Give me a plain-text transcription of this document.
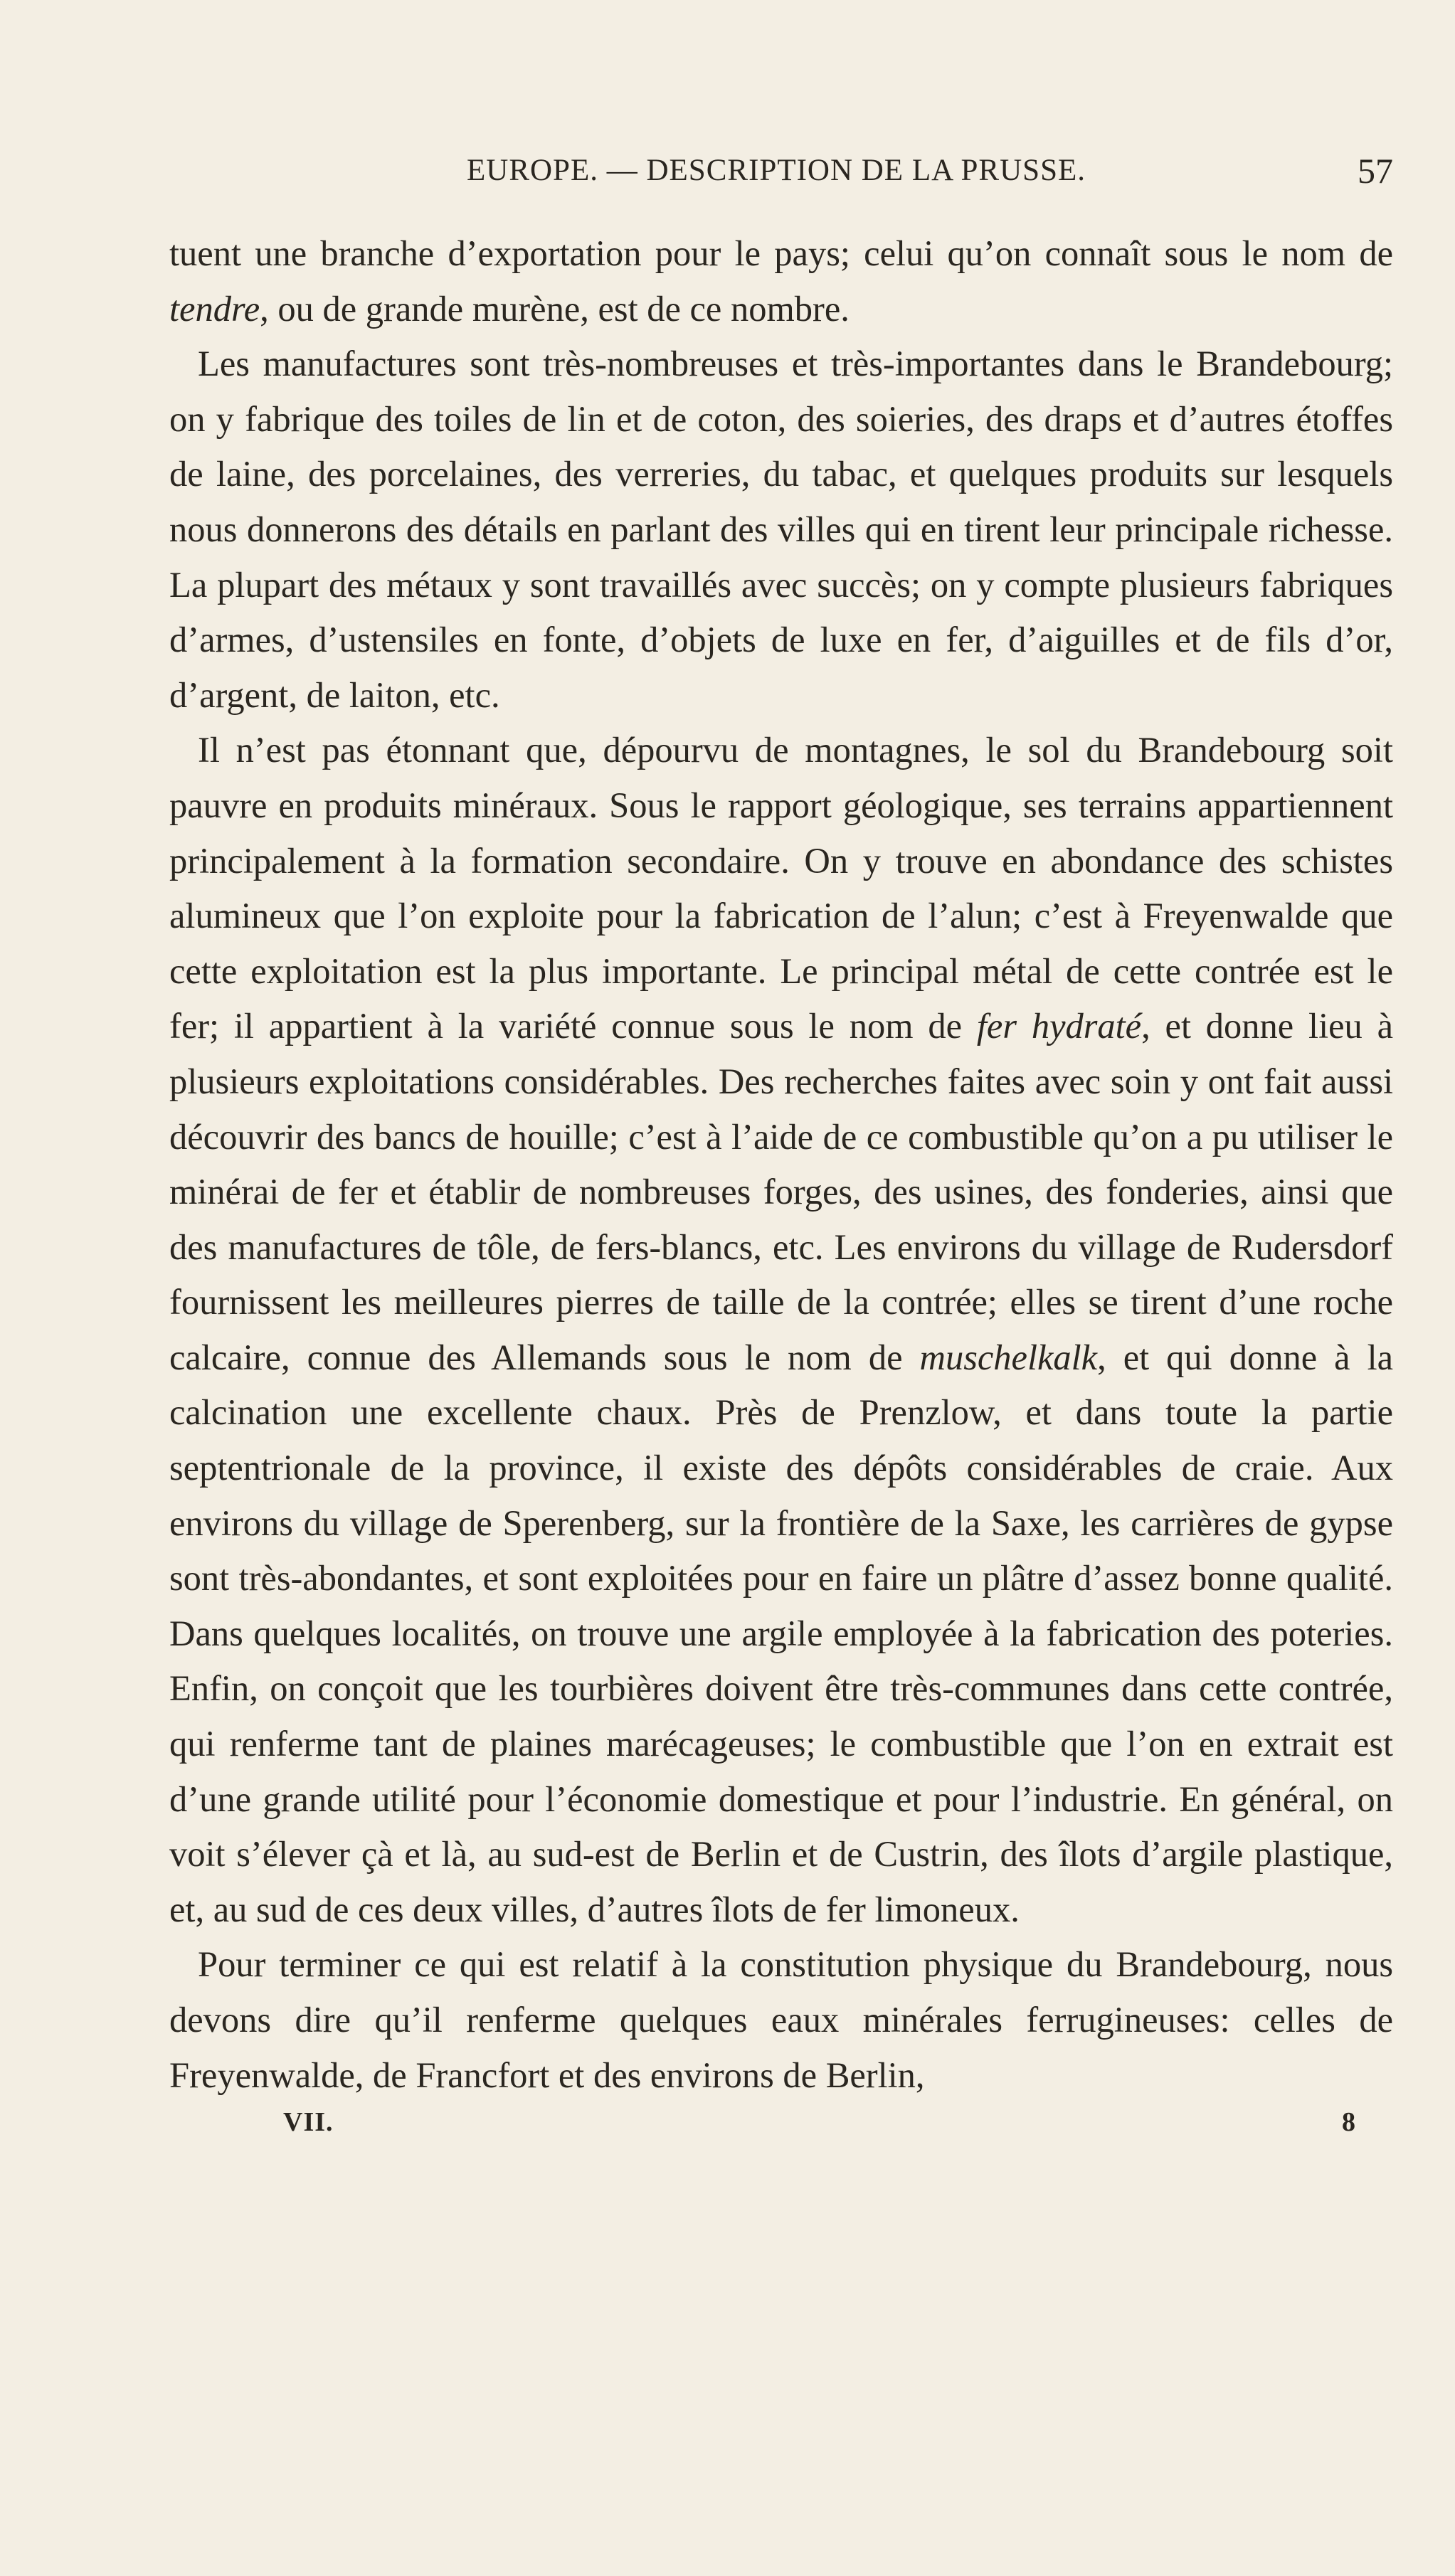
EUROPE. — DESCRIPTION DE LA PRUSSE.	57

tuent une branche d’exportation pour le pays; celui qu’on connaît sous le nom de tendre, ou de grande murène, est de ce nombre.

Les manufactures sont très-nombreuses et très-importantes dans le Brandebourg; on y fabrique des toiles de lin et de coton, des soieries, des draps et d’autres étoffes de laine, des porcelaines, des verreries, du tabac, et quelques produits sur lesquels nous donnerons des détails en parlant des villes qui en tirent leur principale richesse. La plupart des métaux y sont travaillés avec succès; on y compte plusieurs fabriques d’armes, d’ustensiles en fonte, d’objets de luxe en fer, d’aiguilles et de fils d’or, d’argent, de laiton, etc.

Il n’est pas étonnant que, dépourvu de montagnes, le sol du Brandebourg soit pauvre en produits minéraux. Sous le rapport géologique, ses terrains appartiennent principalement à la formation secondaire. On y trouve en abondance des schistes alumineux que l’on exploite pour la fabrication de l’alun; c’est à Freyenwalde que cette exploitation est la plus importante. Le principal métal de cette contrée est le fer; il appartient à la variété connue sous le nom de fer hydraté, et donne lieu à plusieurs exploitations considérables. Des recherches faites avec soin y ont fait aussi découvrir des bancs de houille; c’est à l’aide de ce combustible qu’on a pu utiliser le minérai de fer et établir de nombreuses forges, des usines, des fonderies, ainsi que des manufactures de tôle, de fers-blancs, etc. Les environs du village de Rudersdorf fournissent les meilleures pierres de taille de la contrée; elles se tirent d’une roche calcaire, connue des Allemands sous le nom de muschelkalk, et qui donne à la calcination une excellente chaux. Près de Prenzlow, et dans toute la partie septentrionale de la province, il existe des dépôts considérables de craie. Aux environs du village de Sperenberg, sur la frontière de la Saxe, les carrières de gypse sont très-abondantes, et sont exploitées pour en faire un plâtre d’assez bonne qualité. Dans quelques localités, on trouve une argile employée à la fabrication des poteries. Enfin, on conçoit que les tourbières doivent être très-communes dans cette contrée, qui renferme tant de plaines marécageuses; le combustible que l’on en extrait est d’une grande utilité pour l’économie domestique et pour l’industrie. En général, on voit s’élever çà et là, au sud-est de Berlin et de Custrin, des îlots d’argile plastique, et, au sud de ces deux villes, d’autres îlots de fer limoneux.

Pour terminer ce qui est relatif à la constitution physique du Brandebourg, nous devons dire qu’il renferme quelques eaux minérales ferrugineuses: celles de Freyenwalde, de Francfort et des environs de Berlin,

VII.	8
